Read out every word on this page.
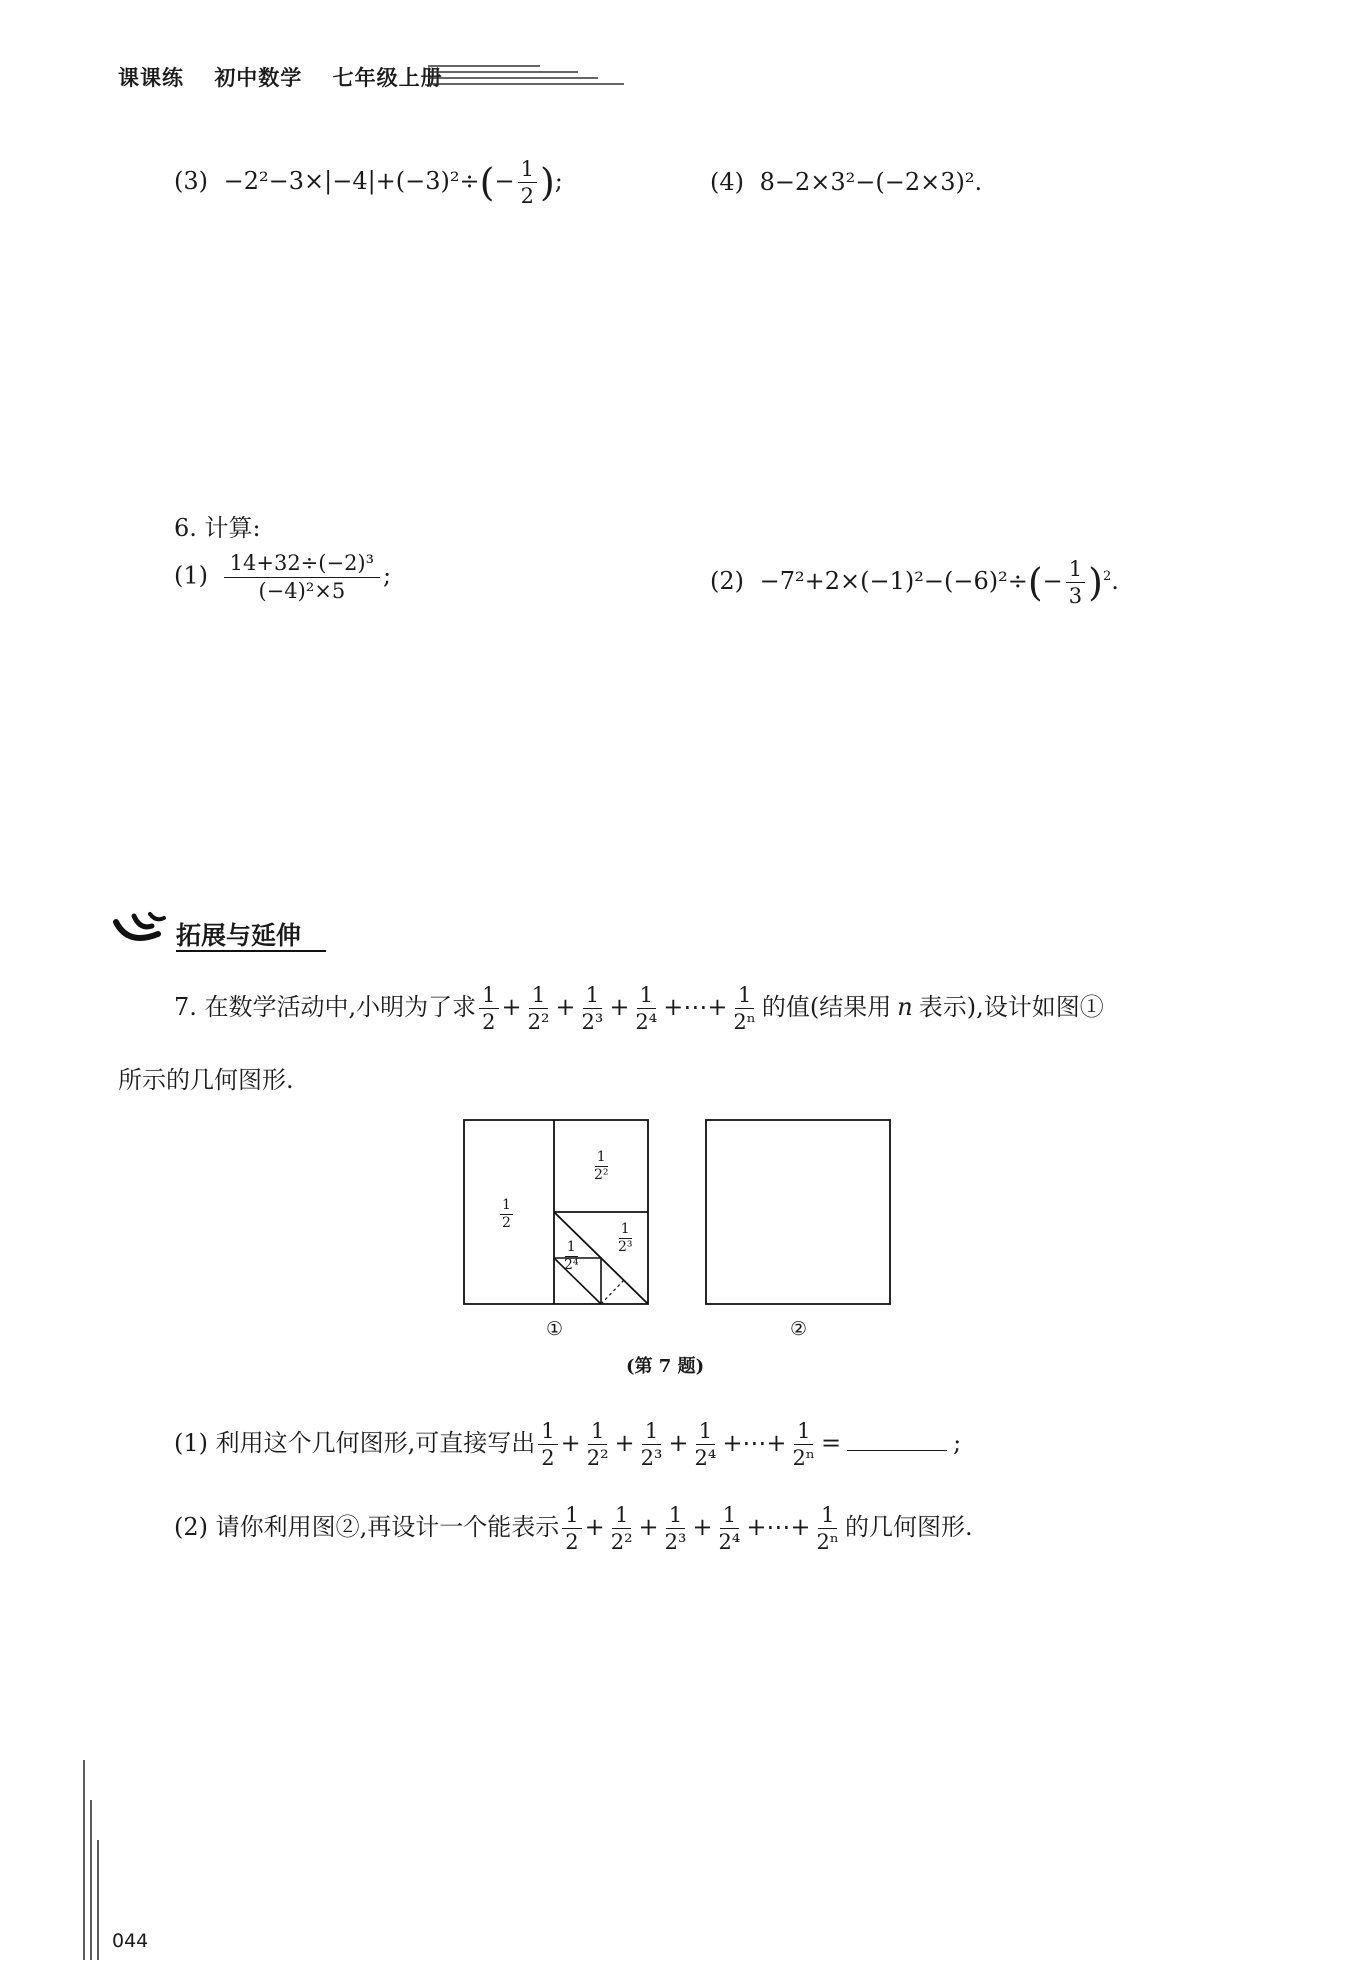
课课练 初中数学 七年级上册
$(3) -2^2-3\times|-4|+(-3)^2\div(- \frac{1}{2}$ );	(4) 8−2×3²−(−2×3)².
6. 计算:
$(1) \frac{\text{14+32÷(−2)³}}{\text{(−4)²×5}}$ ;	$(2) -7^2+2\times(-1)^2-(-6)^2\div(- \frac{1}{3} )^2$.
拓展与延伸
7. 在数学活动中,小明为了求 $\frac{1}{2} + \frac{1}{\text{2²}} + \frac{1}{\text{2³}} + \frac{1}{\text{2⁴}}$ +⋯+ $\frac{1}{\text{2ⁿ}}$ 的值(结果用 n 表示),设计如图①
所示的几何图形.
$\frac{1}{2}$
$\frac{1}{\text{2²}}$
$\frac{1}{\text{2³}}$
$\frac{1}{\text{2⁴}}$
①	②
(第 7 题)
(1) 利用这个几何图形,可直接写出 $\frac{1}{2} + \frac{1}{\text{2²}} + \frac{1}{\text{2³}} + \frac{1}{\text{2⁴}}$ +⋯+ $\frac{1}{\text{2ⁿ}}$ =	;
(2) 请你利用图②,再设计一个能表示 $\frac{1}{2} + \frac{1}{\text{2²}} + \frac{1}{\text{2³}} + \frac{1}{\text{2⁴}}$ +⋯+ $\frac{1}{\text{2ⁿ}}$ 的几何图形.
044
